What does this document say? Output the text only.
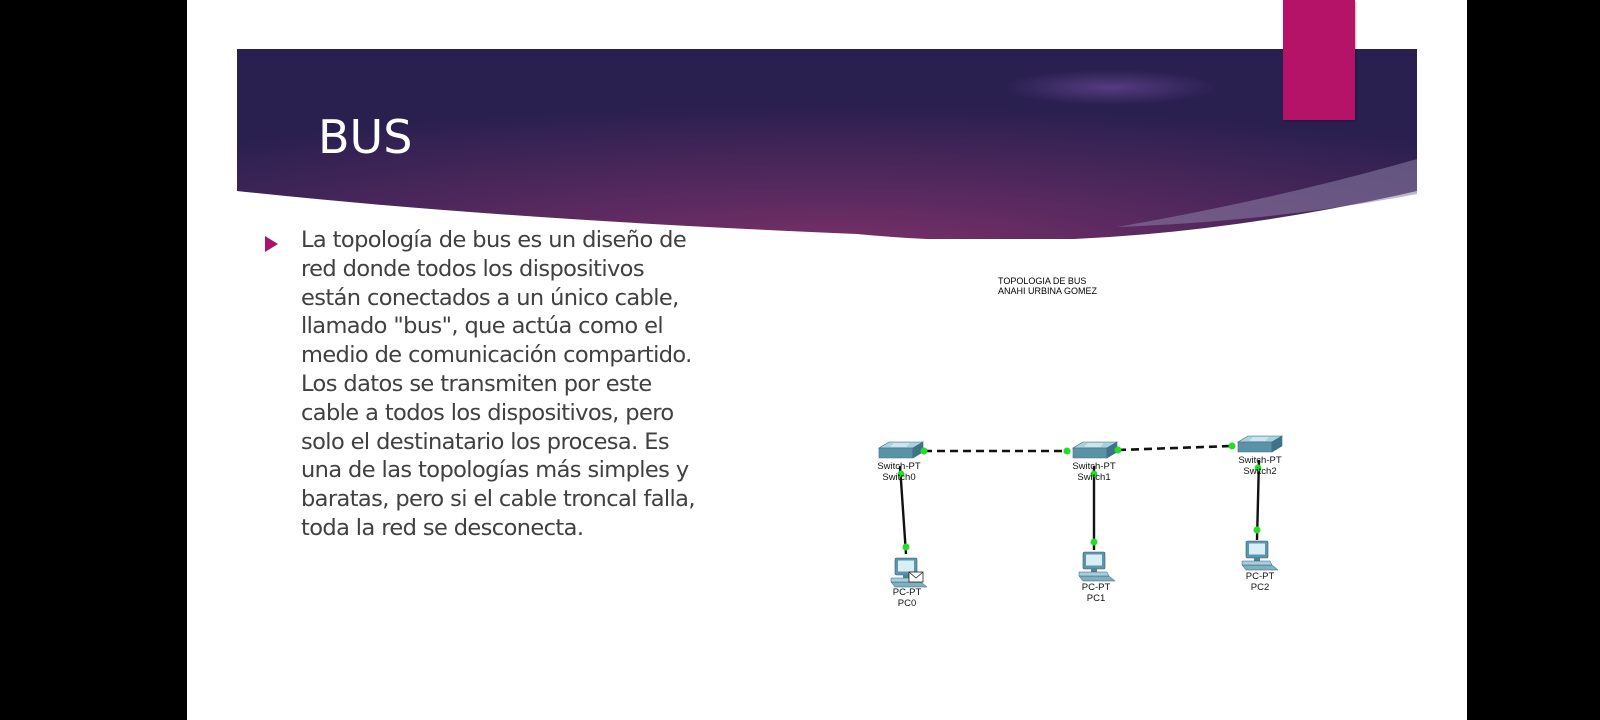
BUS

La topología de bus es un diseño de red donde todos los dispositivos están conectados a un único cable, llamado "bus", que actúa como el medio de comunicación compartido. Los datos se transmiten por este cable a todos los dispositivos, pero solo el destinatario los procesa. Es una de las topologías más simples y baratas, pero si el cable troncal falla, toda la red se desconecta.

TOPOLOGIA DE BUS
ANAHI URBINA GOMEZ
Switch-PT
Switch0
Switch-PT
Switch1
Switch-PT
Switch2
PC-PT
PC0
PC-PT
PC1
PC-PT
PC2
